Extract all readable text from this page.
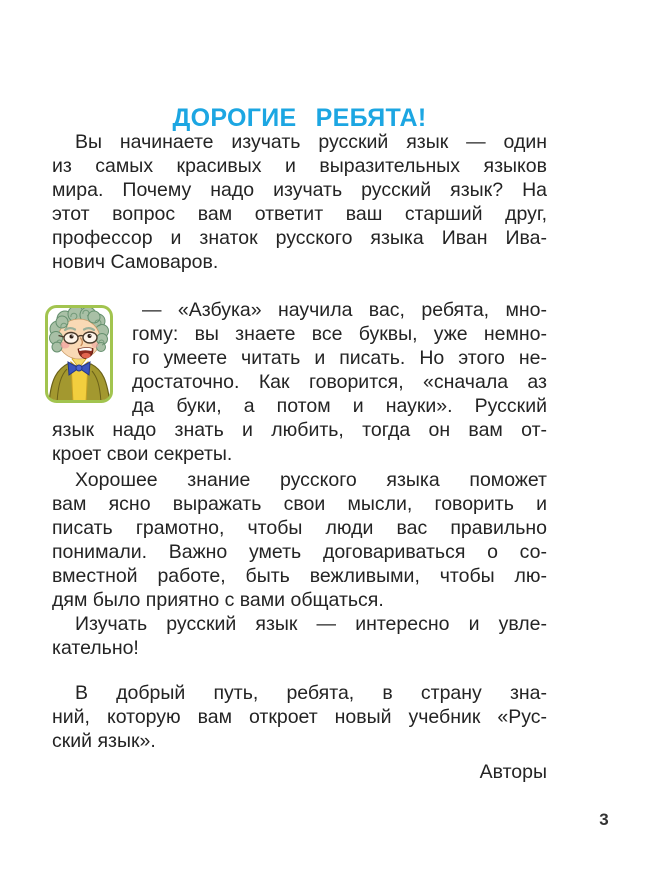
ДОРОГИЕ РЕБЯТА!
Вы начинаете изучать русский язык — один
из самых красивых и выразительных языков
мира. Почему надо изучать русский язык? На
этот вопрос вам ответит ваш старший друг,
профессор и знаток русского языка Иван Ива-
нович Самоваров.
— «Азбука» научила вас, ребята, мно-
гому: вы знаете все буквы, уже немно-
го умеете читать и писать. Но этого не-
достаточно. Как говорится, «сначала аз
да буки, а потом и науки». Русский
язык надо знать и любить, тогда он вам от-
кроет свои секреты.
Хорошее знание русского языка поможет
вам ясно выражать свои мысли, говорить и
писать грамотно, чтобы люди вас правильно
понимали. Важно уметь договариваться о со-
вместной работе, быть вежливыми, чтобы лю-
дям было приятно с вами общаться.
Изучать русский язык — интересно и увле-
кательно!
В добрый путь, ребята, в страну зна-
ний, которую вам откроет новый учебник «Рус-
ский язык».
Авторы
3
